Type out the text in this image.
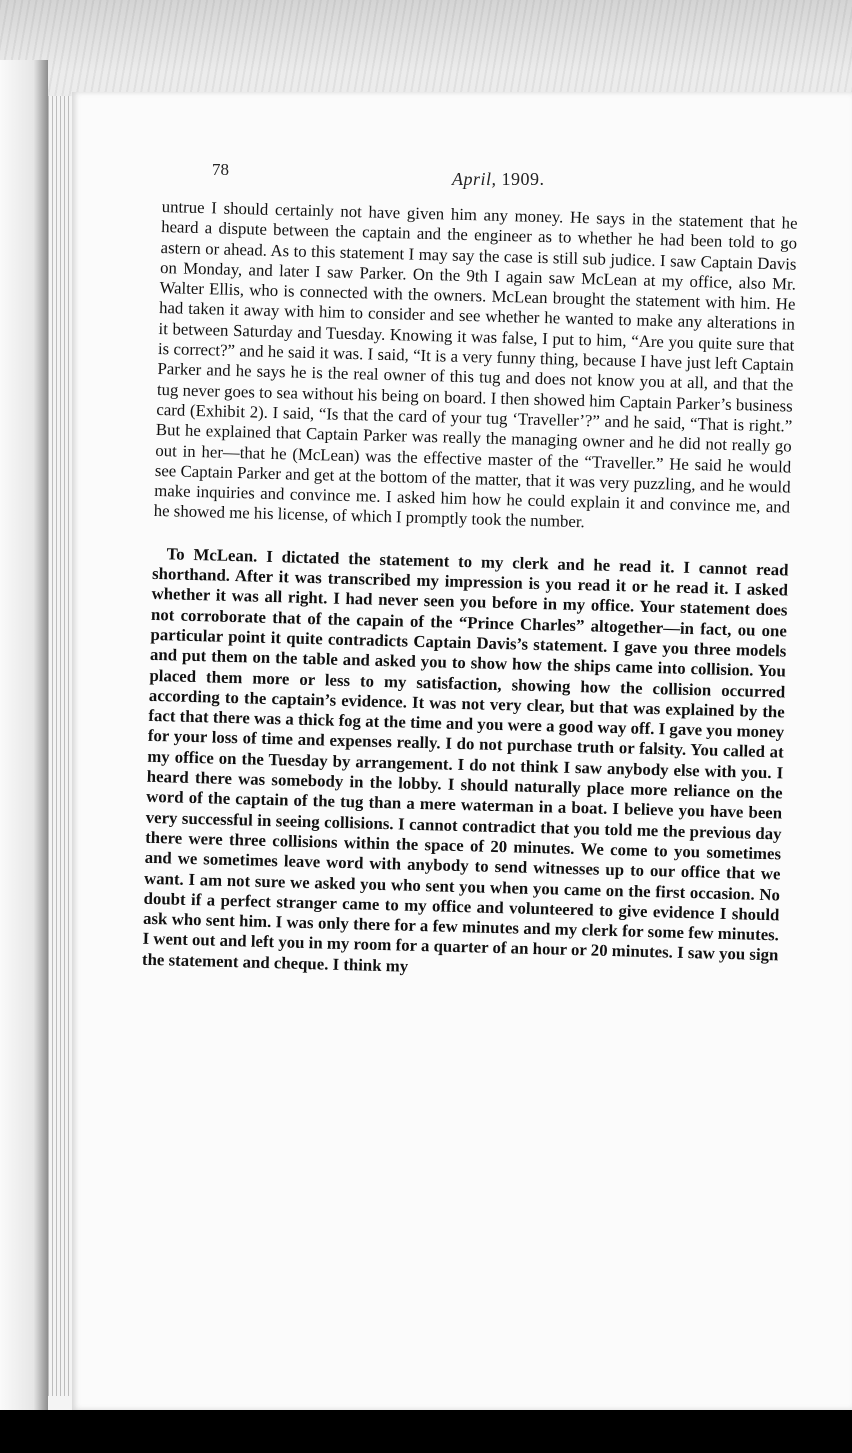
78	April, 1909.

untrue I should certainly not have given him any money. He says in the statement that he heard a dispute between the captain and the engineer as to whether he had been told to go astern or ahead. As to this statement I may say the case is still sub judice. I saw Captain Davis on Monday, and later I saw Parker. On the 9th I again saw McLean at my office, also Mr. Walter Ellis, who is connected with the owners. McLean brought the statement with him. He had taken it away with him to consider and see whether he wanted to make any alterations in it between Saturday and Tuesday. Knowing it was false, I put to him, “Are you quite sure that is correct?” and he said it was. I said, “It is a very funny thing, because I have just left Captain Parker and he says he is the real owner of this tug and does not know you at all, and that the tug never goes to sea without his being on board. I then showed him Captain Parker’s business card (Exhibit 2). I said, “Is that the card of your tug ‘Traveller’?” and he said, “That is right.” But he explained that Captain Parker was really the managing owner and he did not really go out in her—that he (McLean) was the effective master of the “Traveller.” He said he would see Captain Parker and get at the bottom of the matter, that it was very puzzling, and he would make inquiries and convince me. I asked him how he could explain it and convince me, and he showed me his license, of which I promptly took the number.

To McLean. I dictated the statement to my clerk and he read it. I cannot read shorthand. After it was transcribed my impression is you read it or he read it. I asked whether it was all right. I had never seen you before in my office. Your statement does not corroborate that of the capain of the “Prince Charles” altogether—in fact, ou one particular point it quite contradicts Captain Davis’s statement. I gave you three models and put them on the table and asked you to show how the ships came into collision. You placed them more or less to my satisfaction, showing how the collision occurred according to the captain’s evidence. It was not very clear, but that was explained by the fact that there was a thick fog at the time and you were a good way off. I gave you money for your loss of time and expenses really. I do not purchase truth or falsity. You called at my office on the Tuesday by arrangement. I do not think I saw anybody else with you. I heard there was somebody in the lobby. I should naturally place more reliance on the word of the captain of the tug than a mere waterman in a boat. I believe you have been very successful in seeing collisions. I cannot contradict that you told me the previous day there were three collisions within the space of 20 minutes. We come to you sometimes and we sometimes leave word with anybody to send witnesses up to our office that we want. I am not sure we asked you who sent you when you came on the first occasion. No doubt if a perfect stranger came to my office and volunteered to give evidence I should ask who sent him. I was only there for a few minutes and my clerk for some few minutes. I went out and left you in my room for a quarter of an hour or 20 minutes. I saw you sign the statement and cheque. I think my
